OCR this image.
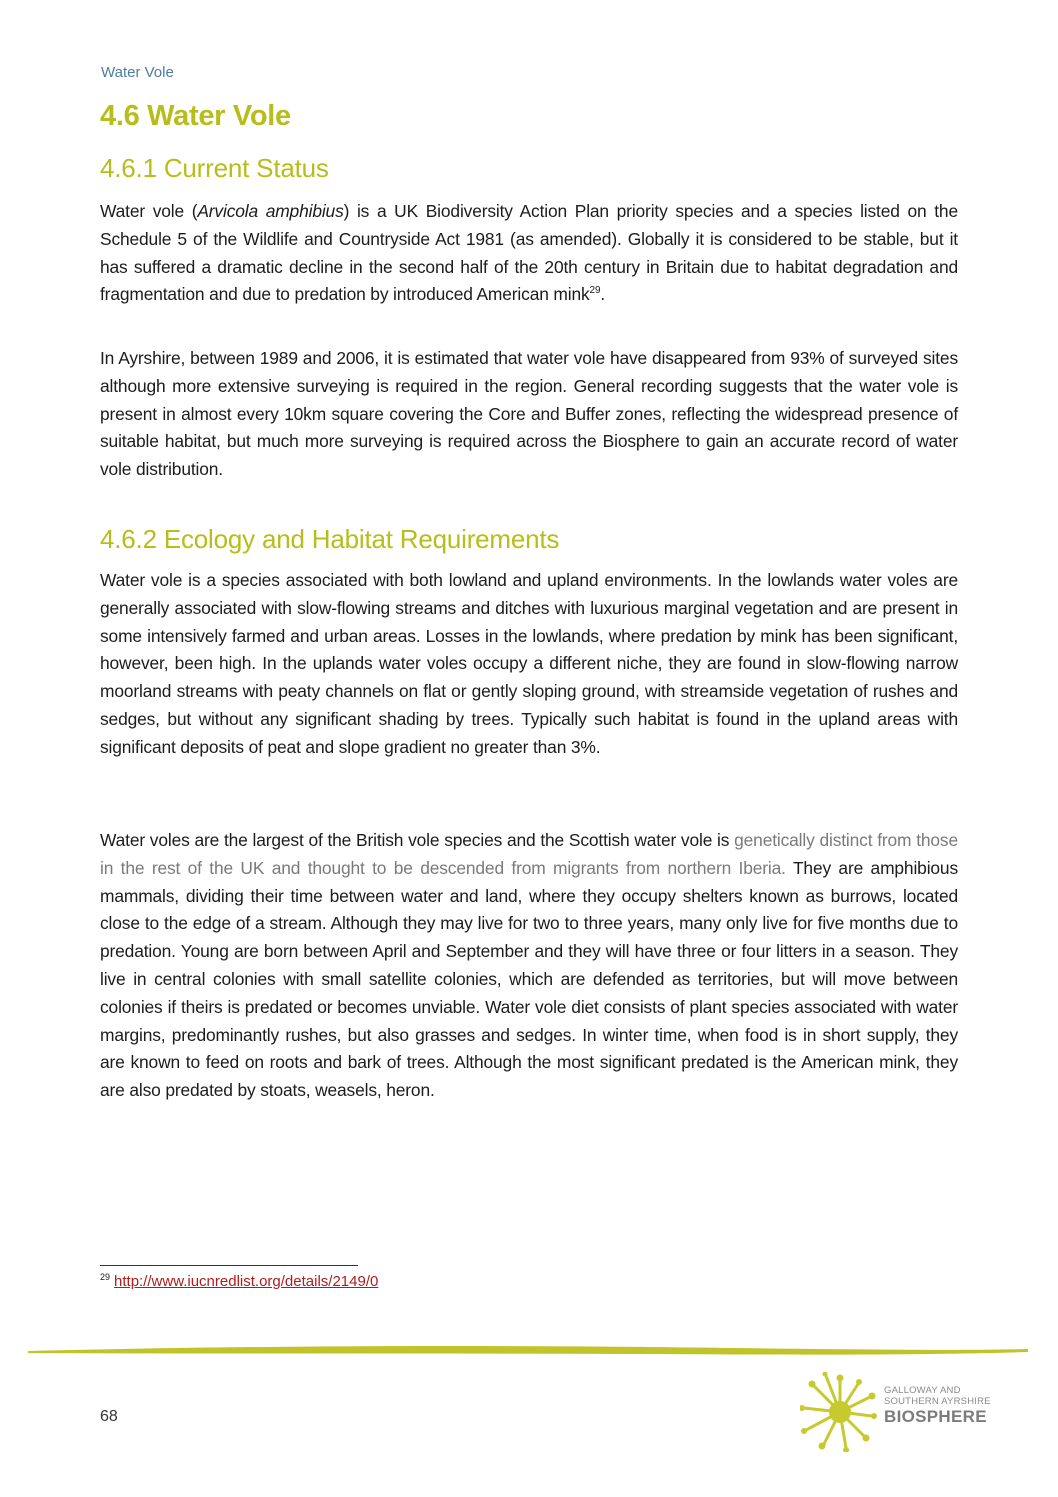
Water Vole
4.6 Water Vole
4.6.1 Current Status

Water vole (Arvicola amphibius) is a UK Biodiversity Action Plan priority species and a species listed on the Schedule 5 of the Wildlife and Countryside Act 1981 (as amended). Globally it is considered to be stable, but it has suffered a dramatic decline in the second half of the 20th century in Britain due to habitat degradation and fragmentation and due to predation by introduced American mink$^{29}$.

In Ayrshire, between 1989 and 2006, it is estimated that water vole have disappeared from 93% of surveyed sites although more extensive surveying is required in the region. General recording suggests that the water vole is present in almost every 10km square covering the Core and Buffer zones, reflecting the widespread presence of suitable habitat, but much more surveying is required across the Biosphere to gain an accurate record of water vole distribution.

4.6.2 Ecology and Habitat Requirements

Water vole is a species associated with both lowland and upland environments. In the lowlands water voles are generally associated with slow-flowing streams and ditches with luxurious marginal vegetation and are present in some intensively farmed and urban areas. Losses in the lowlands, where predation by mink has been significant, however, been high. In the uplands water voles occupy a different niche, they are found in slow-flowing narrow moorland streams with peaty channels on flat or gently sloping ground, with streamside vegetation of rushes and sedges, but without any significant shading by trees. Typically such habitat is found in the upland areas with significant deposits of peat and slope gradient no greater than 3%.

Water voles are the largest of the British vole species and the Scottish water vole is genetically distinct from those in the rest of the UK and thought to be descended from migrants from northern Iberia. They are amphibious mammals, dividing their time between water and land, where they occupy shelters known as burrows, located close to the edge of a stream. Although they may live for two to three years, many only live for five months due to predation. Young are born between April and September and they will have three or four litters in a season. They live in central colonies with small satellite colonies, which are defended as territories, but will move between colonies if theirs is predated or becomes unviable. Water vole diet consists of plant species associated with water margins, predominantly rushes, but also grasses and sedges. In winter time, when food is in short supply, they are known to feed on roots and bark of trees. Although the most significant predated is the American mink, they are also predated by stoats, weasels, heron.

$^{29}$ http://www.iucnredlist.org/details/2149/0
68
GALLOWAY AND
SOUTHERN AYRSHIRE
BIOSPHERE
